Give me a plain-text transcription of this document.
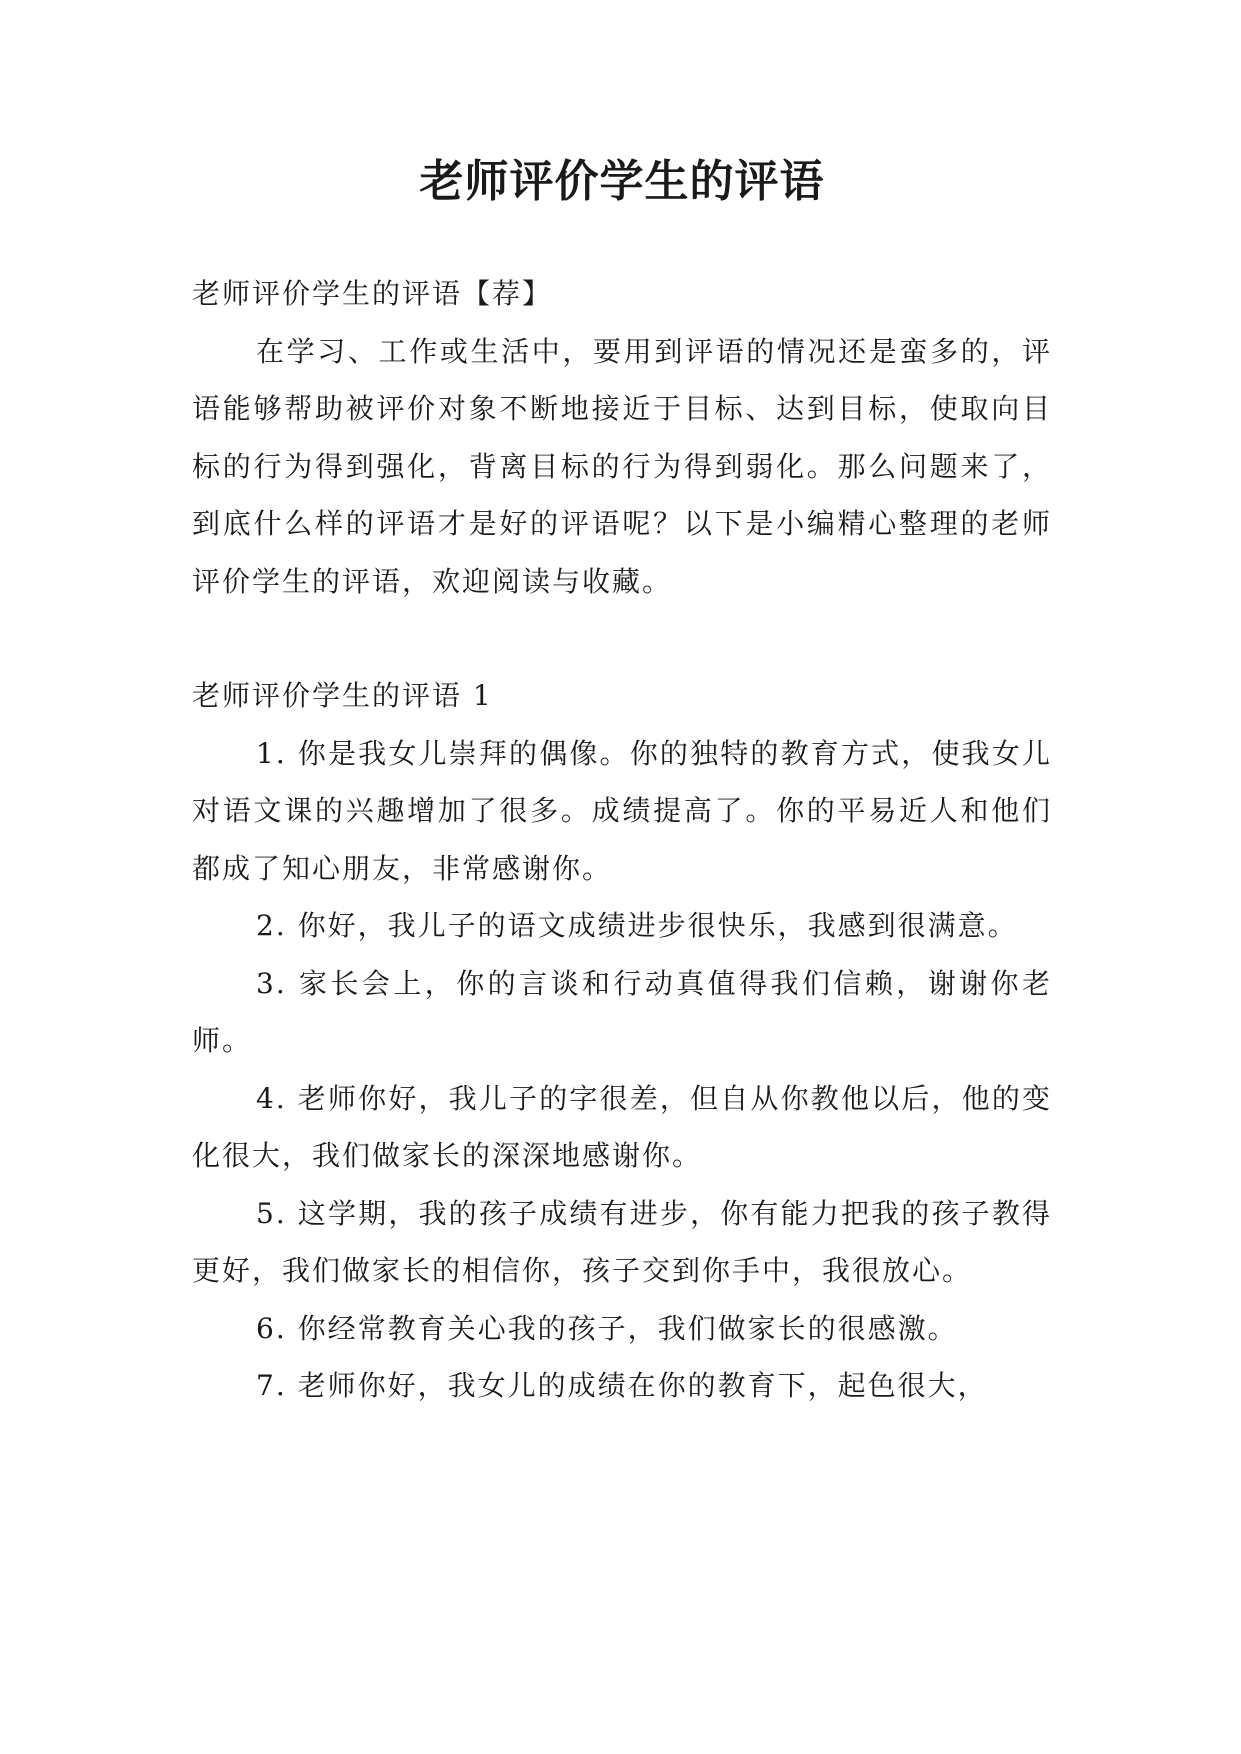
老师评价学生的评语

老师评价学生的评语【荐】

在学习、工作或生活中，要用到评语的情况还是蛮多的，评语能够帮助被评价对象不断地接近于目标、达到目标，使取向目标的行为得到强化，背离目标的行为得到弱化。那么问题来了，到底什么样的评语才是好的评语呢？以下是小编精心整理的老师评价学生的评语，欢迎阅读与收藏。

老师评价学生的评语 1

1. 你是我女儿崇拜的偶像。你的独特的教育方式，使我女儿对语文课的兴趣增加了很多。成绩提高了。你的平易近人和他们都成了知心朋友，非常感谢你。

2. 你好，我儿子的语文成绩进步很快乐，我感到很满意。

3. 家长会上，你的言谈和行动真值得我们信赖，谢谢你老师。

4. 老师你好，我儿子的字很差，但自从你教他以后，他的变化很大，我们做家长的深深地感谢你。

5. 这学期，我的孩子成绩有进步，你有能力把我的孩子教得更好，我们做家长的相信你，孩子交到你手中，我很放心。

6. 你经常教育关心我的孩子，我们做家长的很感激。

7. 老师你好，我女儿的成绩在你的教育下，起色很大，
